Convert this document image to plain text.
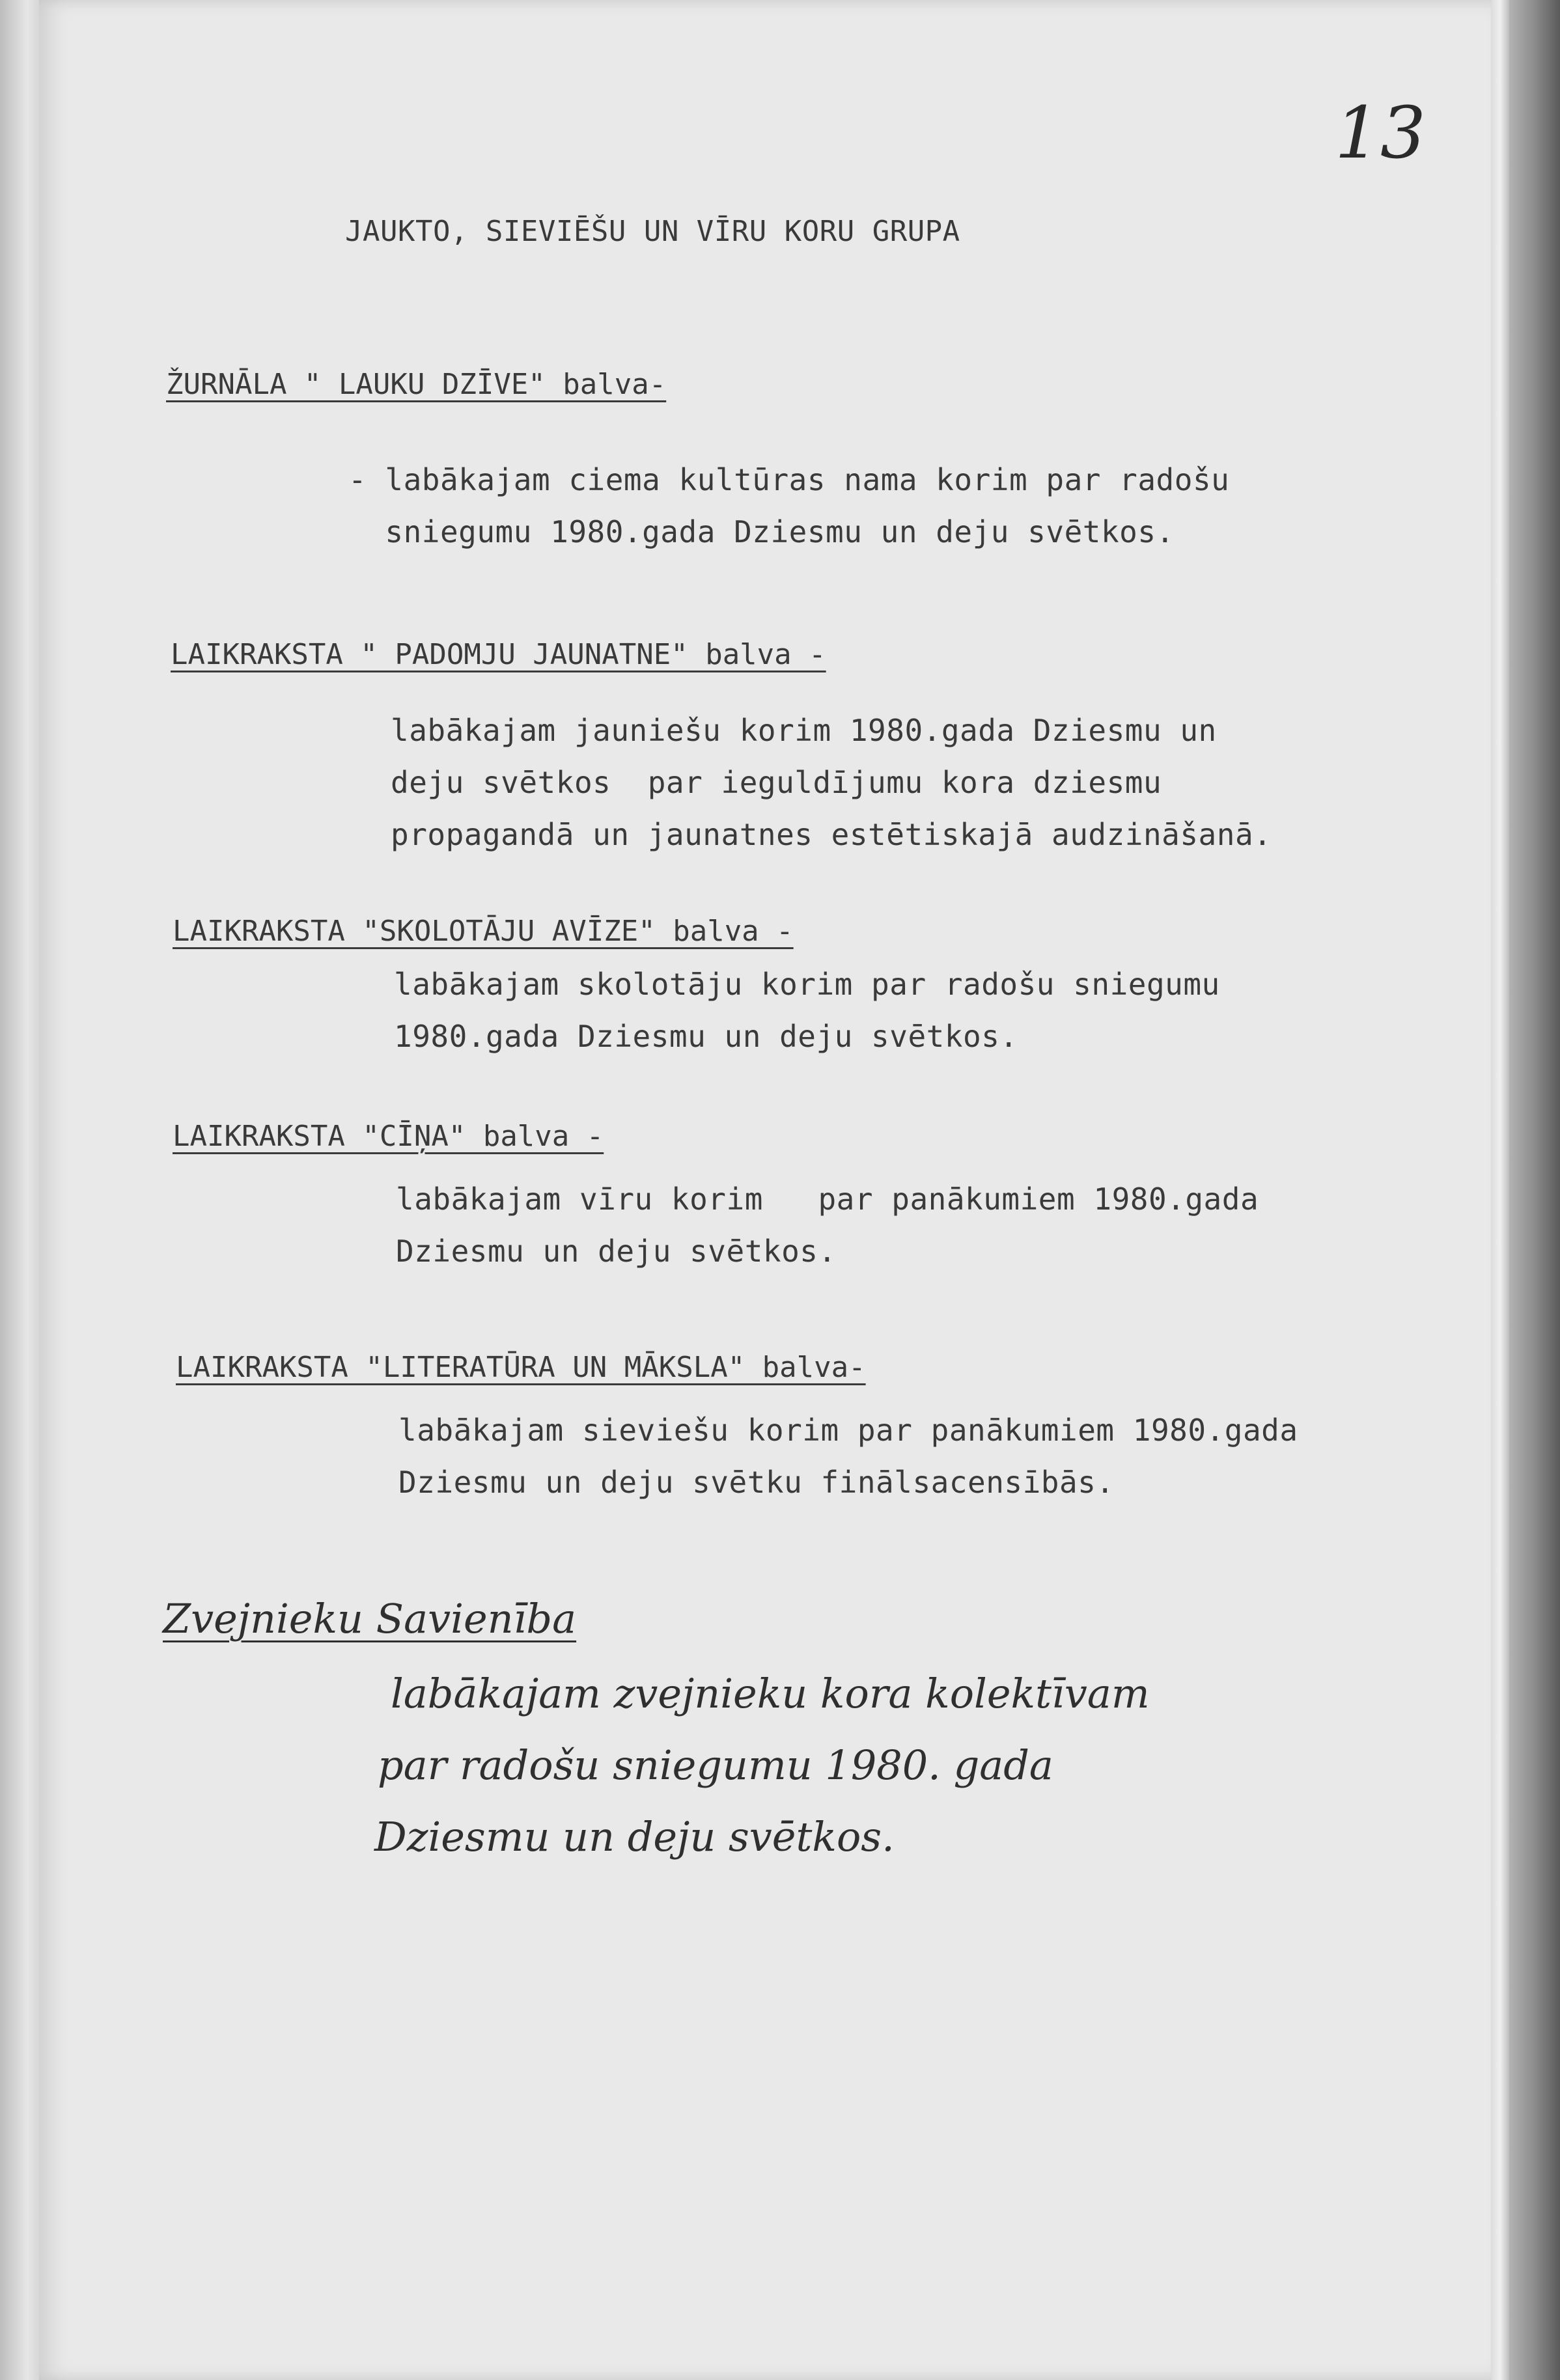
13
JAUKTO, SIEVIĒŠU UN VĪRU KORU GRUPA
ŽURNĀLA " LAUKU DZĪVE" balva-
- labākajam ciema kultūras nama korim par radošu
sniegumu 1980.gada Dziesmu un deju svētkos.
LAIKRAKSTA " PADOMJU JAUNATNE" balva -
labākajam jauniešu korim 1980.gada Dziesmu un
deju svētkos  par ieguldījumu kora dziesmu
propagandā un jaunatnes estētiskajā audzināšanā.
LAIKRAKSTA "SKOLOTĀJU AVĪZE" balva -
labākajam skolotāju korim par radošu sniegumu
1980.gada Dziesmu un deju svētkos.
LAIKRAKSTA "CĪŅA" balva -
labākajam vīru korim   par panākumiem 1980.gada
Dziesmu un deju svētkos.
LAIKRAKSTA "LITERATŪRA UN MĀKSLA" balva-
labākajam sieviešu korim par panākumiem 1980.gada
Dziesmu un deju svētku finālsacensībās.
Zvejnieku Savienība
labākajam zvejnieku kora kolektīvam
par radošu sniegumu 1980. gada
Dziesmu un deju svētkos.
